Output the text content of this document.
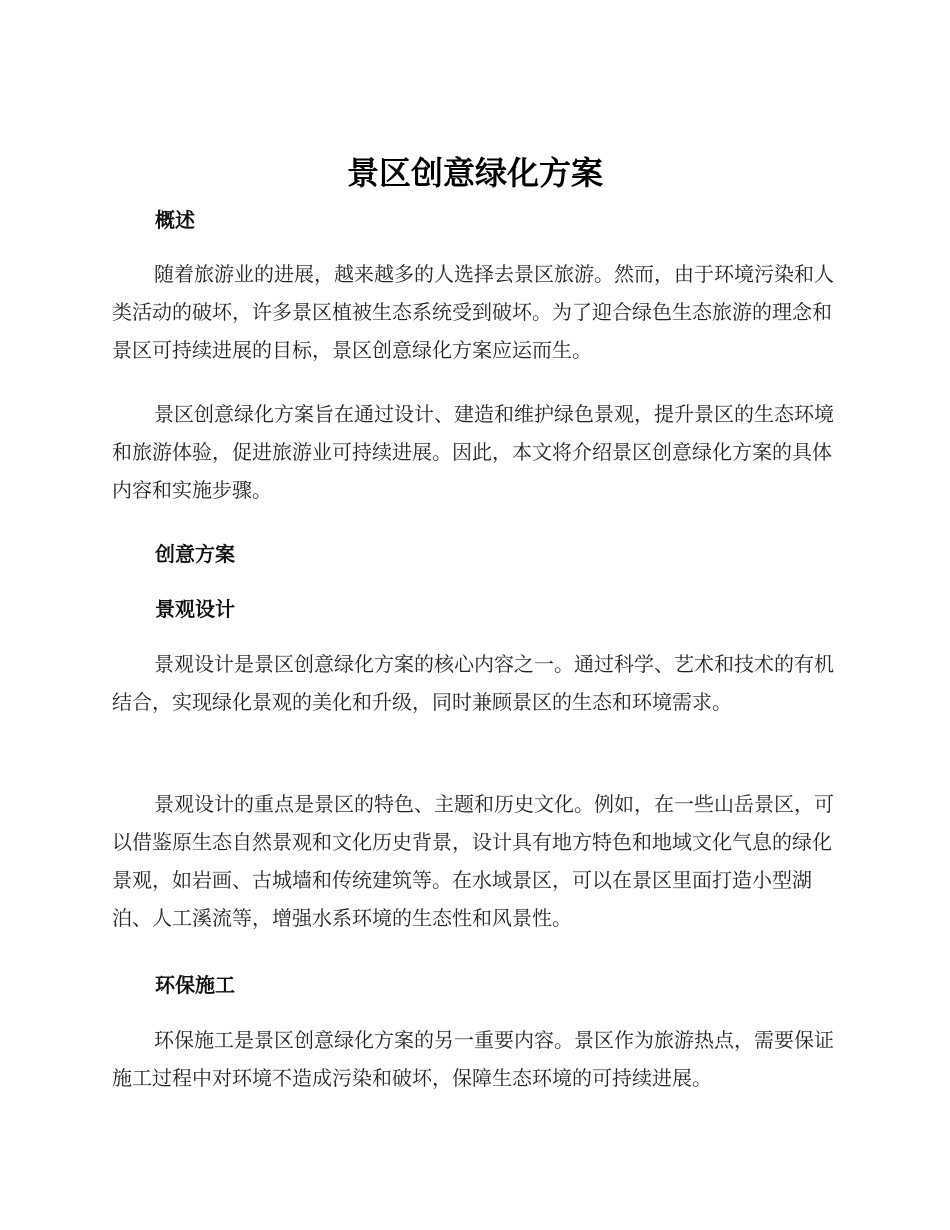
景区创意绿化方案
概述

随着旅游业的进展，越来越多的人选择去景区旅游。然而，由于环境污染和人类活动的破坏，许多景区植被生态系统受到破坏。为了迎合绿色生态旅游的理念和景区可持续进展的目标，景区创意绿化方案应运而生。

景区创意绿化方案旨在通过设计、建造和维护绿色景观，提升景区的生态环境和旅游体验，促进旅游业可持续进展。因此，本文将介绍景区创意绿化方案的具体内容和实施步骤。

创意方案
景观设计

景观设计是景区创意绿化方案的核心内容之一。通过科学、艺术和技术的有机结合，实现绿化景观的美化和升级，同时兼顾景区的生态和环境需求。

景观设计的重点是景区的特色、主题和历史文化。例如，在一些山岳景区，可以借鉴原生态自然景观和文化历史背景，设计具有地方特色和地域文化气息的绿化景观，如岩画、古城墙和传统建筑等。在水域景区，可以在景区里面打造小型湖泊、人工溪流等，增强水系环境的生态性和风景性。

环保施工

环保施工是景区创意绿化方案的另一重要内容。景区作为旅游热点，需要保证施工过程中对环境不造成污染和破坏，保障生态环境的可持续进展。
